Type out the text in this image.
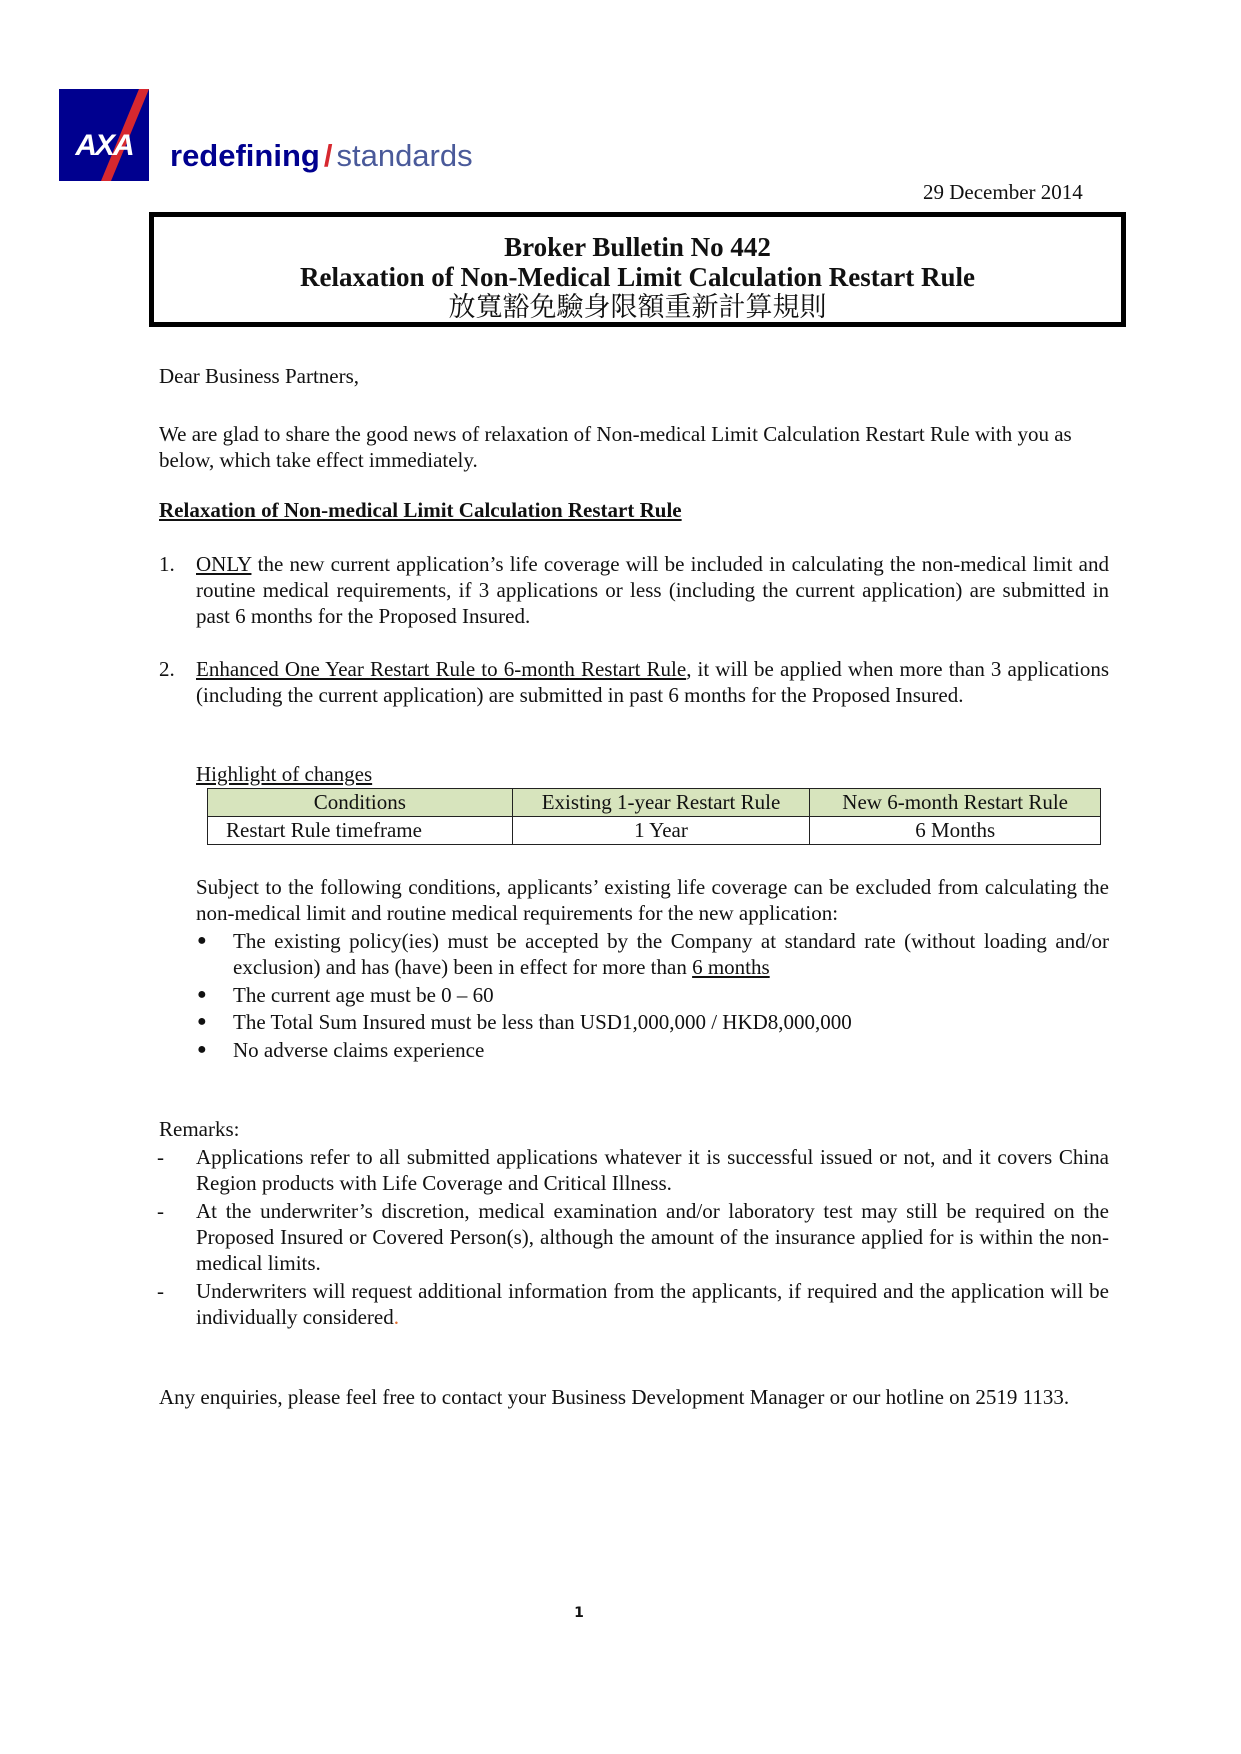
AXA	redefining / standards
29 December 2014
Broker Bulletin No 442
Relaxation of Non-Medical Limit Calculation Restart Rule
放寬豁免驗身限額重新計算規則
Dear Business Partners,
We are glad to share the good news of relaxation of Non-medical Limit Calculation Restart Rule with you as below, which take effect immediately.
Relaxation of Non-medical Limit Calculation Restart Rule
1. ONLY the new current application’s life coverage will be included in calculating the non-medical limit and routine medical requirements, if 3 applications or less (including the current application) are submitted in past 6 months for the Proposed Insured.
2. Enhanced One Year Restart Rule to 6-month Restart Rule, it will be applied when more than 3 applications (including the current application) are submitted in past 6 months for the Proposed Insured.
Highlight of changes
Conditions	Existing 1-year Restart Rule	New 6-month Restart Rule
Restart Rule timeframe	1 Year	6 Months
Subject to the following conditions, applicants’ existing life coverage can be excluded from calculating the non-medical limit and routine medical requirements for the new application:
● The existing policy(ies) must be accepted by the Company at standard rate (without loading and/or exclusion) and has (have) been in effect for more than 6 months
● The current age must be 0 – 60
● The Total Sum Insured must be less than USD1,000,000 / HKD8,000,000
● No adverse claims experience
Remarks:
- Applications refer to all submitted applications whatever it is successful issued or not, and it covers China Region products with Life Coverage and Critical Illness.
- At the underwriter’s discretion, medical examination and/or laboratory test may still be required on the Proposed Insured or Covered Person(s), although the amount of the insurance applied for is within the non-medical limits.
- Underwriters will request additional information from the applicants, if required and the application will be individually considered.
Any enquiries, please feel free to contact your Business Development Manager or our hotline on 2519 1133.
1
